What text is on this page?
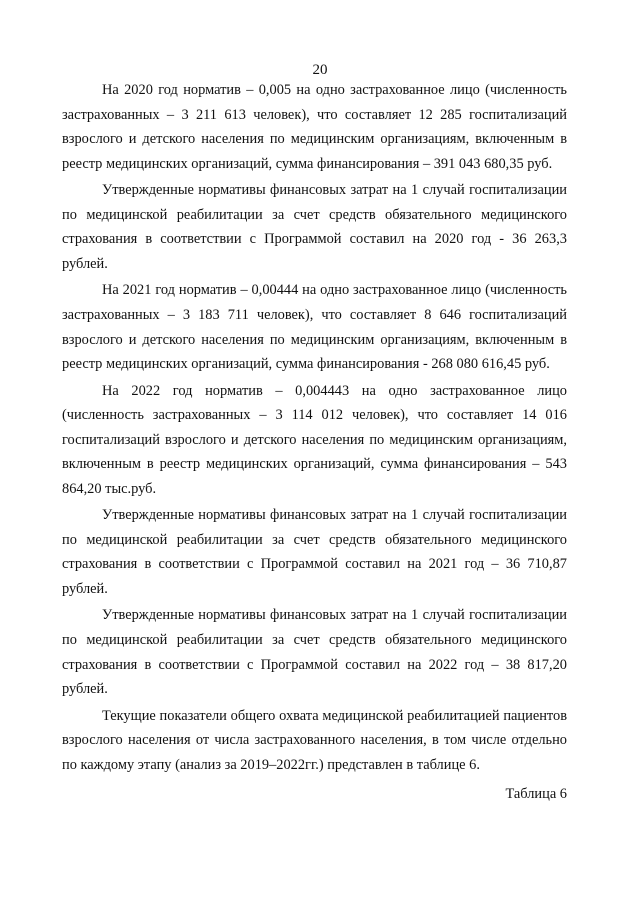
20

На 2020 год норматив – 0,005 на одно застрахованное лицо (численность застрахованных – 3 211 613 человек), что составляет 12 285 госпитализаций взрослого и детского населения по медицинским организациям, включенным в реестр медицинских организаций, сумма финансирования – 391 043 680,35 руб.

Утвержденные нормативы финансовых затрат на 1 случай госпитализации по медицинской реабилитации за счет средств обязательного медицинского страхования в соответствии с Программой составил на 2020 год - 36 263,3 рублей.

На 2021 год норматив – 0,00444 на одно застрахованное лицо (численность застрахованных – 3 183 711 человек), что составляет 8 646 госпитализаций взрослого и детского населения по медицинским организациям, включенным в реестр медицинских организаций, сумма финансирования - 268 080 616,45 руб.

На 2022 год норматив – 0,004443 на одно застрахованное лицо (численность застрахованных – 3 114 012 человек), что составляет 14 016 госпитализаций взрослого и детского населения по медицинским организациям, включенным в реестр медицинских организаций, сумма финансирования – 543 864,20 тыс.руб.

Утвержденные нормативы финансовых затрат на 1 случай госпитализации по медицинской реабилитации за счет средств обязательного медицинского страхования в соответствии с Программой составил на 2021 год – 36 710,87 рублей.

Утвержденные нормативы финансовых затрат на 1 случай госпитализации по медицинской реабилитации за счет средств обязательного медицинского страхования в соответствии с Программой составил на 2022 год – 38 817,20 рублей.

Текущие показатели общего охвата медицинской реабилитацией пациентов взрослого населения от числа застрахованного населения, в том числе отдельно по каждому этапу (анализ за 2019–2022гг.) представлен в таблице 6.

Таблица 6
